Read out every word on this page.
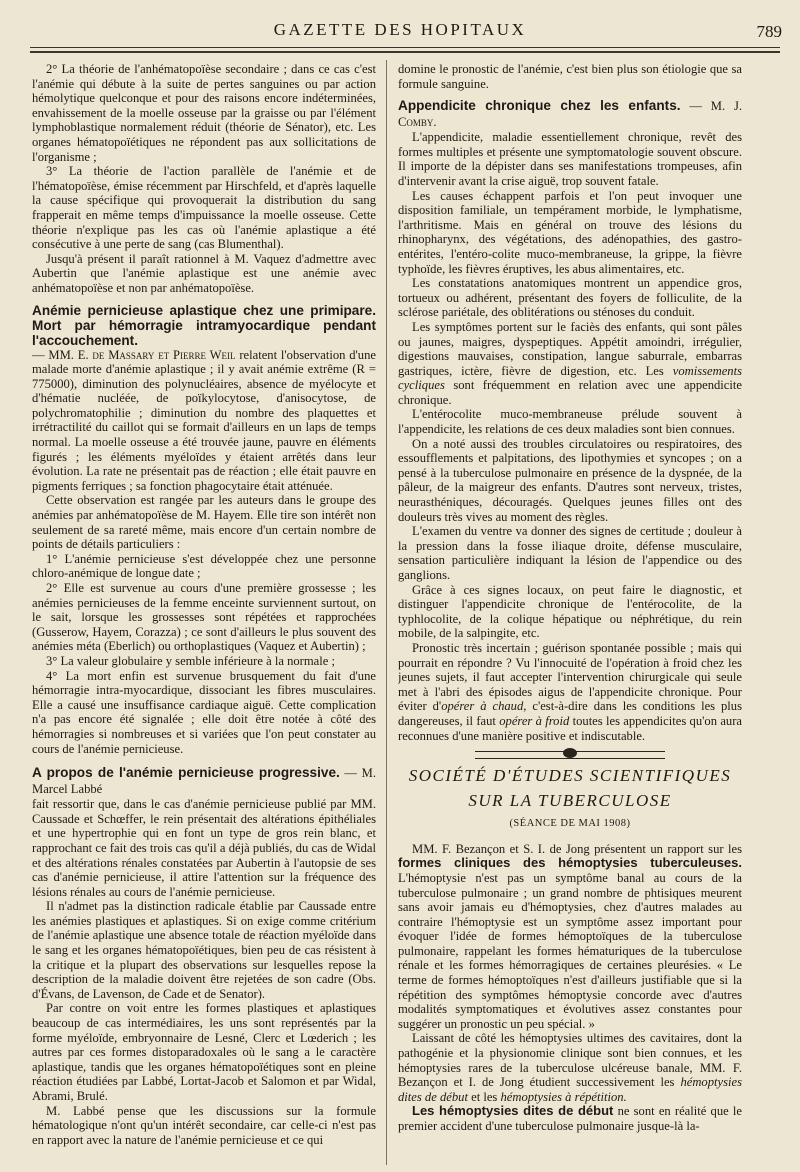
GAZETTE DES HOPITAUX	789

2° La théorie de l'anhématopoïèse secondaire ; dans ce cas c'est l'anémie qui débute à la suite de pertes sanguines ou par action hémolytique quelconque et pour des raisons encore indéterminées, envahissement de la moelle osseuse par la graisse ou par l'élément lymphoblastique normalement réduit (théorie de Sénator), etc. Les organes hématopoïétiques ne répondent pas aux sollicitations de l'organisme ;

3° La théorie de l'action parallèle de l'anémie et de l'hématopoïèse, émise récemment par Hirschfeld, et d'après laquelle la cause spécifique qui provoquerait la distribution du sang frapperait en même temps d'impuissance la moelle osseuse. Cette théorie n'explique pas les cas où l'anémie aplastique a été consécutive à une perte de sang (cas Blumenthal).

Jusqu'à présent il paraît rationnel à M. Vaquez d'admettre avec Aubertin que l'anémie aplastique est une anémie avec anhématopoïèse et non par anhématopoïèse.

Anémie pernicieuse aplastique chez une primipare. Mort par hémorragie intramyocardique pendant l'accouchement.

— MM. E. de Massary et Pierre Weil relatent l'observation d'une malade morte d'anémie aplastique ; il y avait anémie extrême (R = 775000), diminution des polynucléaires, absence de myélocyte et d'hématie nucléée, de poïkylocytose, d'anisocytose, de polychromatophilie ; diminution du nombre des plaquettes et irrétractilité du caillot qui se formait d'ailleurs en un laps de temps normal. La moelle osseuse a été trouvée jaune, pauvre en éléments figurés ; les éléments myéloïdes y étaient arrêtés dans leur évolution. La rate ne présentait pas de réaction ; elle était pauvre en pigments ferriques ; sa fonction phagocytaire était atténuée.

Cette observation est rangée par les auteurs dans le groupe des anémies par anhématopoïèse de M. Hayem. Elle tire son intérêt non seulement de sa rareté même, mais encore d'un certain nombre de points de détails particuliers :

1° L'anémie pernicieuse s'est développée chez une personne chloro-anémique de longue date ;

2° Elle est survenue au cours d'une première grossesse ; les anémies pernicieuses de la femme enceinte surviennent surtout, on le sait, lorsque les grossesses sont répétées et rapprochées (Gusserow, Hayem, Corazza) ; ce sont d'ailleurs le plus souvent des anémies méta (Eberlich) ou orthoplastiques (Vaquez et Aubertin) ;

3° La valeur globulaire y semble inférieure à la normale ;

4° La mort enfin est survenue brusquement du fait d'une hémorragie intra-myocardique, dissociant les fibres musculaires. Elle a causé une insuffisance cardiaque aiguë. Cette complication n'a pas encore été signalée ; elle doit être notée à côté des hémorragies si nombreuses et si variées que l'on peut constater au cours de l'anémie pernicieuse.

A propos de l'anémie pernicieuse progressive. — M. Marcel Labbé

fait ressortir que, dans le cas d'anémie pernicieuse publié par MM. Caussade et Schœffer, le rein présentait des altérations épithéliales et une hypertrophie qui en font un type de gros rein blanc, et rapprochant ce fait des trois cas qu'il a déjà publiés, du cas de Widal et des altérations rénales constatées par Aubertin à l'autopsie de ses cas d'anémie pernicieuse, il attire l'attention sur la fréquence des lésions rénales au cours de l'anémie pernicieuse.

Il n'admet pas la distinction radicale établie par Caussade entre les anémies plastiques et aplastiques. Si on exige comme critérium de l'anémie aplastique une absence totale de réaction myéloïde dans le sang et les organes hématopoïétiques, bien peu de cas résistent à la critique et la plupart des observations sur lesquelles repose la description de la maladie doivent être rejetées de son cadre (Obs. d'Évans, de Lavenson, de Cade et de Senator).

Par contre on voit entre les formes plastiques et aplastiques beaucoup de cas intermédiaires, les uns sont représentés par la forme myéloïde, embryonnaire de Lesné, Clerc et Lœderich ; les autres par ces formes distoparadoxales où le sang a le caractère aplastique, tandis que les organes hématopoïétiques sont en pleine réaction étudiées par Labbé, Lortat-Jacob et Salomon et par Widal, Abrami, Brulé.

M. Labbé pense que les discussions sur la formule hématologique n'ont qu'un intérêt secondaire, car celle-ci n'est pas en rapport avec la nature de l'anémie pernicieuse et ce qui

domine le pronostic de l'anémie, c'est bien plus son étiologie que sa formule sanguine.

Appendicite chronique chez les enfants. — M. J. Comby.

L'appendicite, maladie essentiellement chronique, revêt des formes multiples et présente une symptomatologie souvent obscure. Il importe de la dépister dans ses manifestations trompeuses, afin d'intervenir avant la crise aiguë, trop souvent fatale.

Les causes échappent parfois et l'on peut invoquer une disposition familiale, un tempérament morbide, le lymphatisme, l'arthritisme. Mais en général on trouve des lésions du rhinopharynx, des végétations, des adénopathies, des gastro-entérites, l'entéro-colite muco-membraneuse, la grippe, la fièvre typhoïde, les fièvres éruptives, les abus alimentaires, etc.

Les constatations anatomiques montrent un appendice gros, tortueux ou adhérent, présentant des foyers de folliculite, de la sclérose pariétale, des oblitérations ou sténoses du conduit.

Les symptômes portent sur le faciès des enfants, qui sont pâles ou jaunes, maigres, dyspeptiques. Appétit amoindri, irrégulier, digestions mauvaises, constipation, langue saburrale, embarras gastriques, ictère, fièvre de digestion, etc. Les vomissements cycliques sont fréquemment en relation avec une appendicite chronique.

L'entérocolite muco-membraneuse prélude souvent à l'appendicite, les relations de ces deux maladies sont bien connues.

On a noté aussi des troubles circulatoires ou respiratoires, des essoufflements et palpitations, des lipothymies et syncopes ; on a pensé à la tuberculose pulmonaire en présence de la dyspnée, de la pâleur, de la maigreur des enfants. D'autres sont nerveux, tristes, neurasthéniques, découragés. Quelques jeunes filles ont des douleurs très vives au moment des règles.

L'examen du ventre va donner des signes de certitude ; douleur à la pression dans la fosse iliaque droite, défense musculaire, sensation particulière indiquant la lésion de l'appendice ou des ganglions.

Grâce à ces signes locaux, on peut faire le diagnostic, et distinguer l'appendicite chronique de l'entérocolite, de la typhlocolite, de la colique hépatique ou néphrétique, du rein mobile, de la salpingite, etc.

Pronostic très incertain ; guérison spontanée possible ; mais qui pourrait en répondre ? Vu l'innocuité de l'opération à froid chez les jeunes sujets, il faut accepter l'intervention chirurgicale qui seule met à l'abri des épisodes aigus de l'appendicite chronique. Pour éviter d'opérer à chaud, c'est-à-dire dans les conditions les plus dangereuses, il faut opérer à froid toutes les appendicites qu'on aura reconnues d'une manière positive et indiscutable.

SOCIÉTÉ D'ÉTUDES SCIENTIFIQUES
SUR LA TUBERCULOSE
(SÉANCE DE MAI 1908)

MM. F. Bezançon et S. I. de Jong présentent un rapport sur les formes cliniques des hémoptysies tuberculeuses. L'hémoptysie n'est pas un symptôme banal au cours de la tuberculose pulmonaire ; un grand nombre de phtisiques meurent sans avoir jamais eu d'hémoptysies, chez d'autres malades au contraire l'hémoptysie est un symptôme assez important pour évoquer l'idée de formes hémoptoïques de la tuberculose pulmonaire, rappelant les formes hématuriques de la tuberculose rénale et les formes hémorragiques de certaines pleurésies. « Le terme de formes hémoptoïques n'est d'ailleurs justifiable que si la répétition des symptômes hémoptysie concorde avec d'autres modalités symptomatiques et évolutives assez constantes pour suggérer un pronostic un peu spécial. »

Laissant de côté les hémoptysies ultimes des cavitaires, dont la pathogénie et la physionomie clinique sont bien connues, et les hémoptysies rares de la tuberculose ulcéreuse banale, MM. F. Bezançon et I. de Jong étudient successivement les hémoptysies dites de début et les hémoptysies à répétition.

Les hémoptysies dites de début ne sont en réalité que le premier accident d'une tuberculose pulmonaire jusque-là la-
